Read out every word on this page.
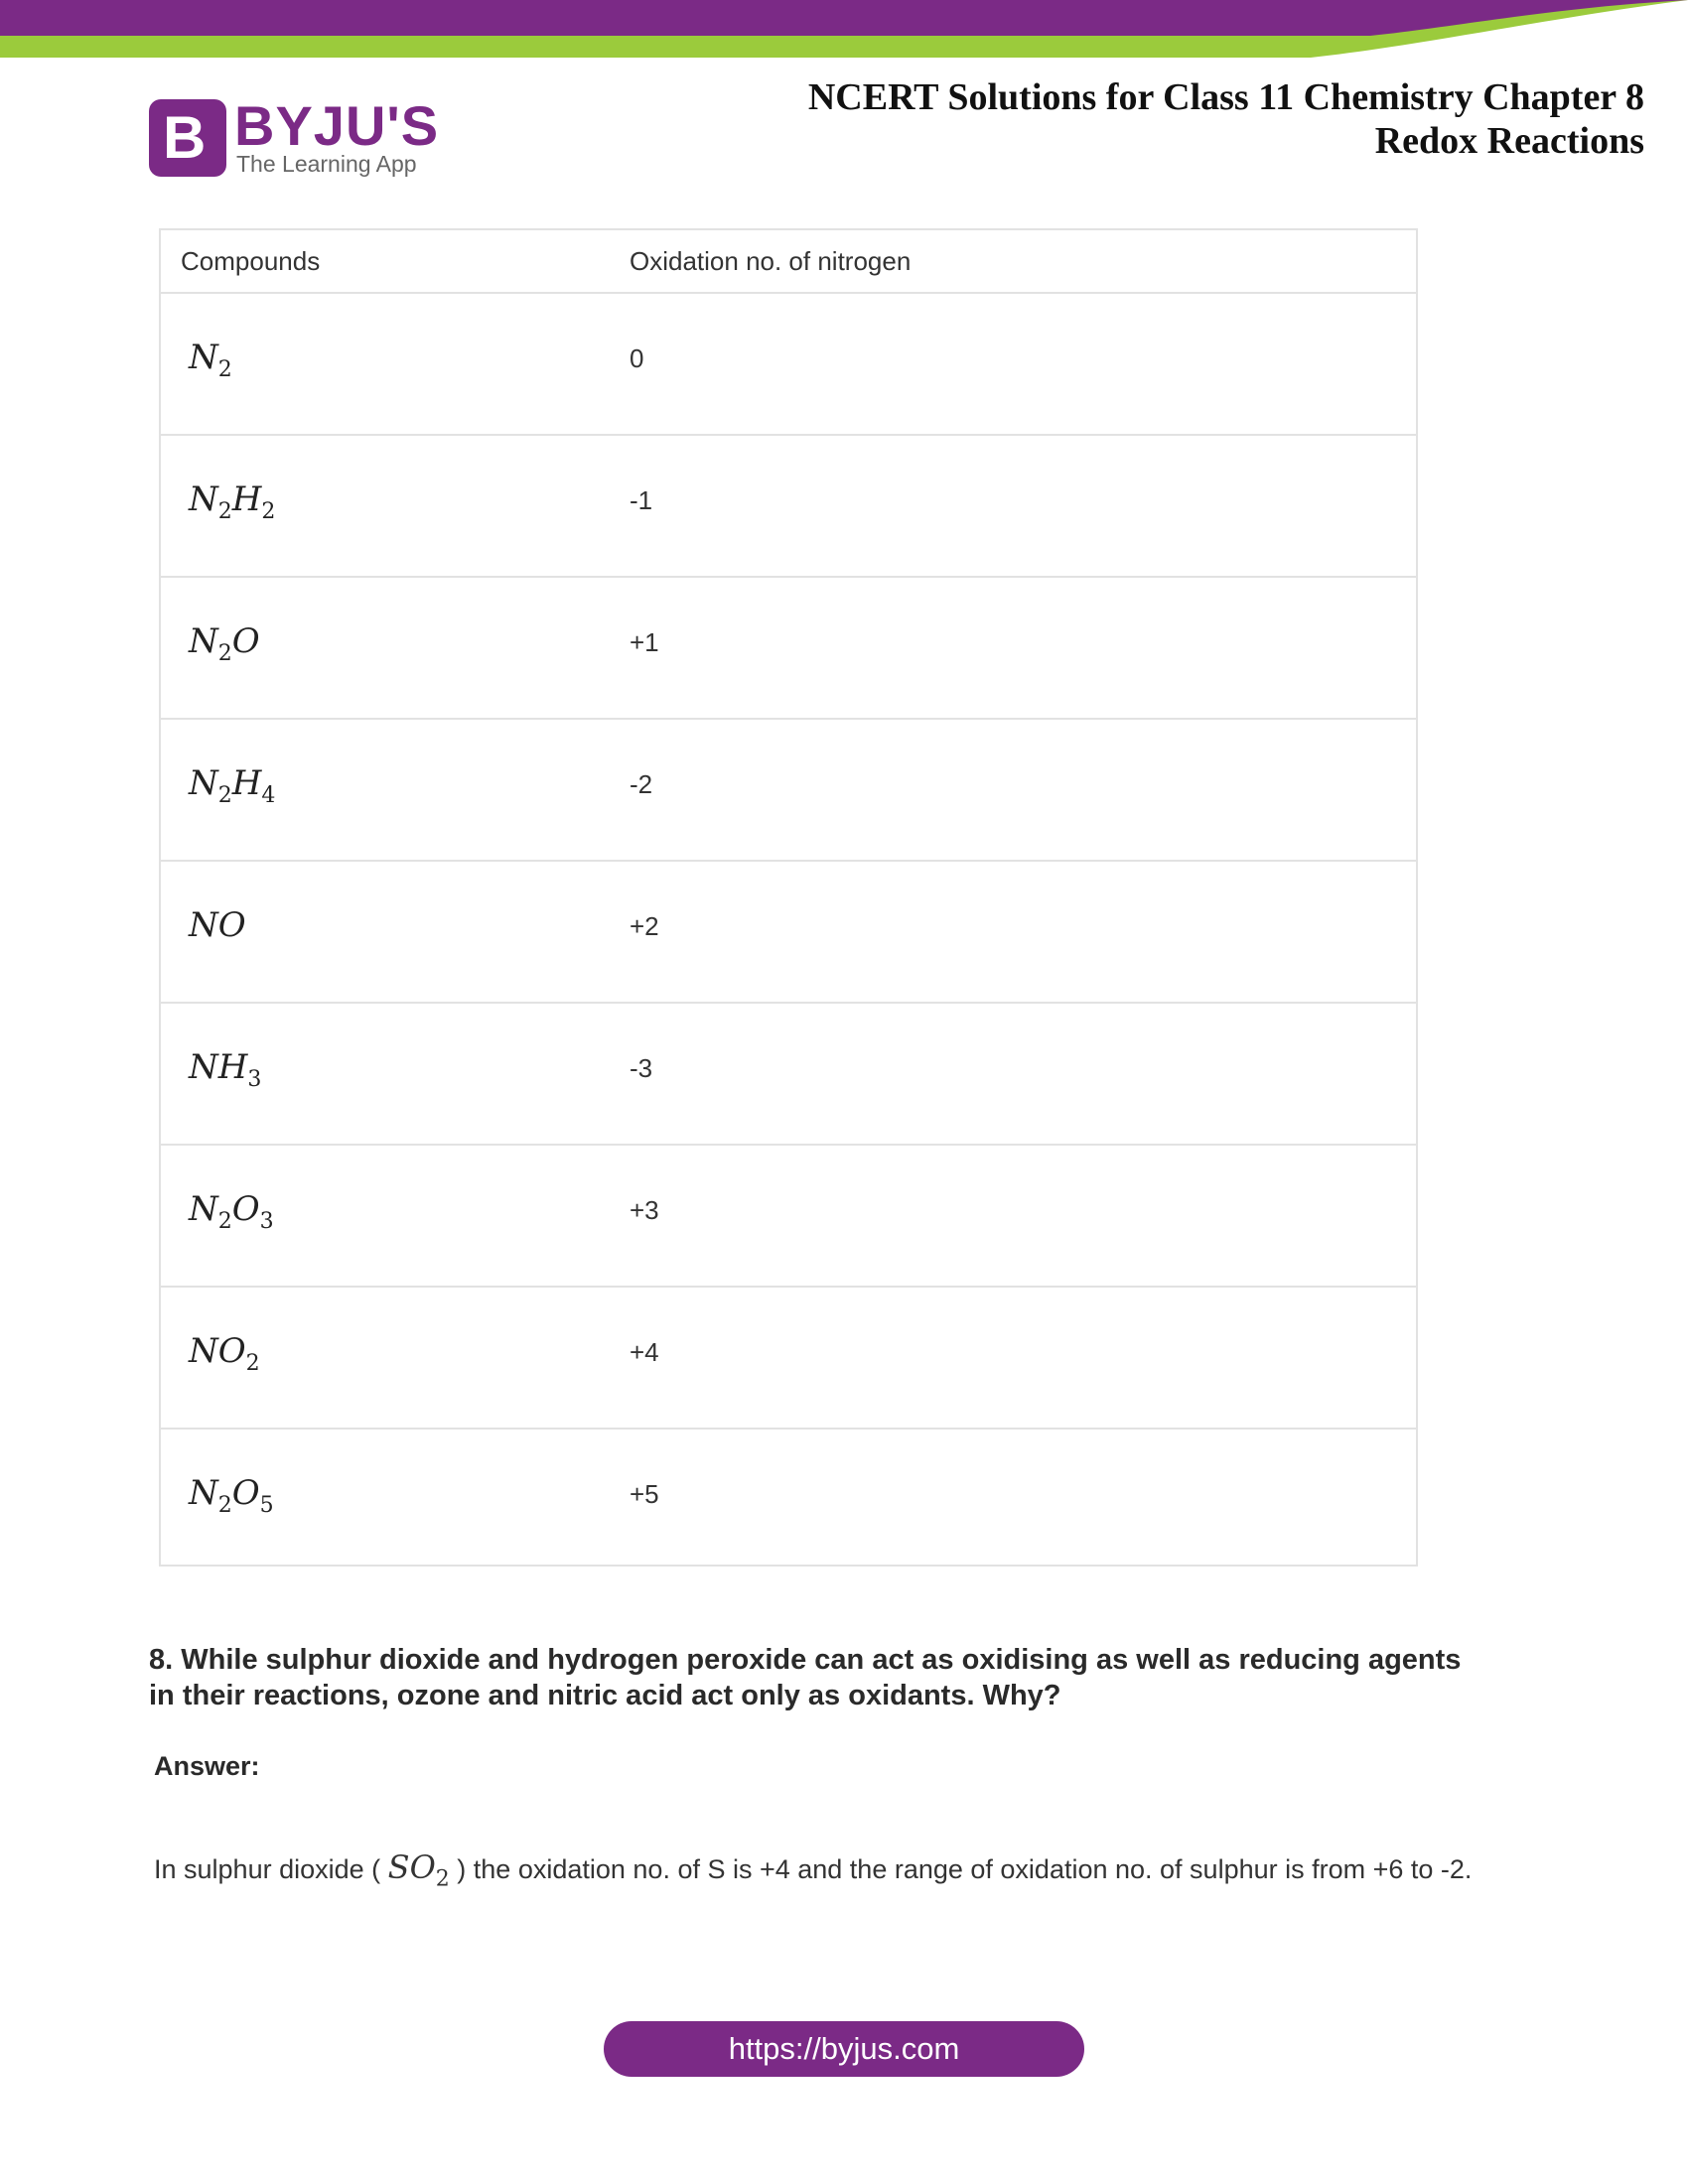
B BYJU'S
The Learning App
NCERT Solutions for Class 11 Chemistry Chapter 8
Redox Reactions
Compounds	Oxidation no. of nitrogen
$N_2$	0
$N_2H_2$	-1
$N_2O$	+1
$N_2H_4$	-2
NO	+2
$NH_3$	-3
$N_2O_3$	+3
$NO_2$	+4
$N_2O_5$	+5
8. While sulphur dioxide and hydrogen peroxide can act as oxidising as well as reducing agents in their reactions, ozone and nitric acid act only as oxidants. Why?
Answer:
In sulphur dioxide ( $SO_2$ ) the oxidation no. of S is +4 and the range of oxidation no. of sulphur is from +6 to -2.
https://byjus.com
